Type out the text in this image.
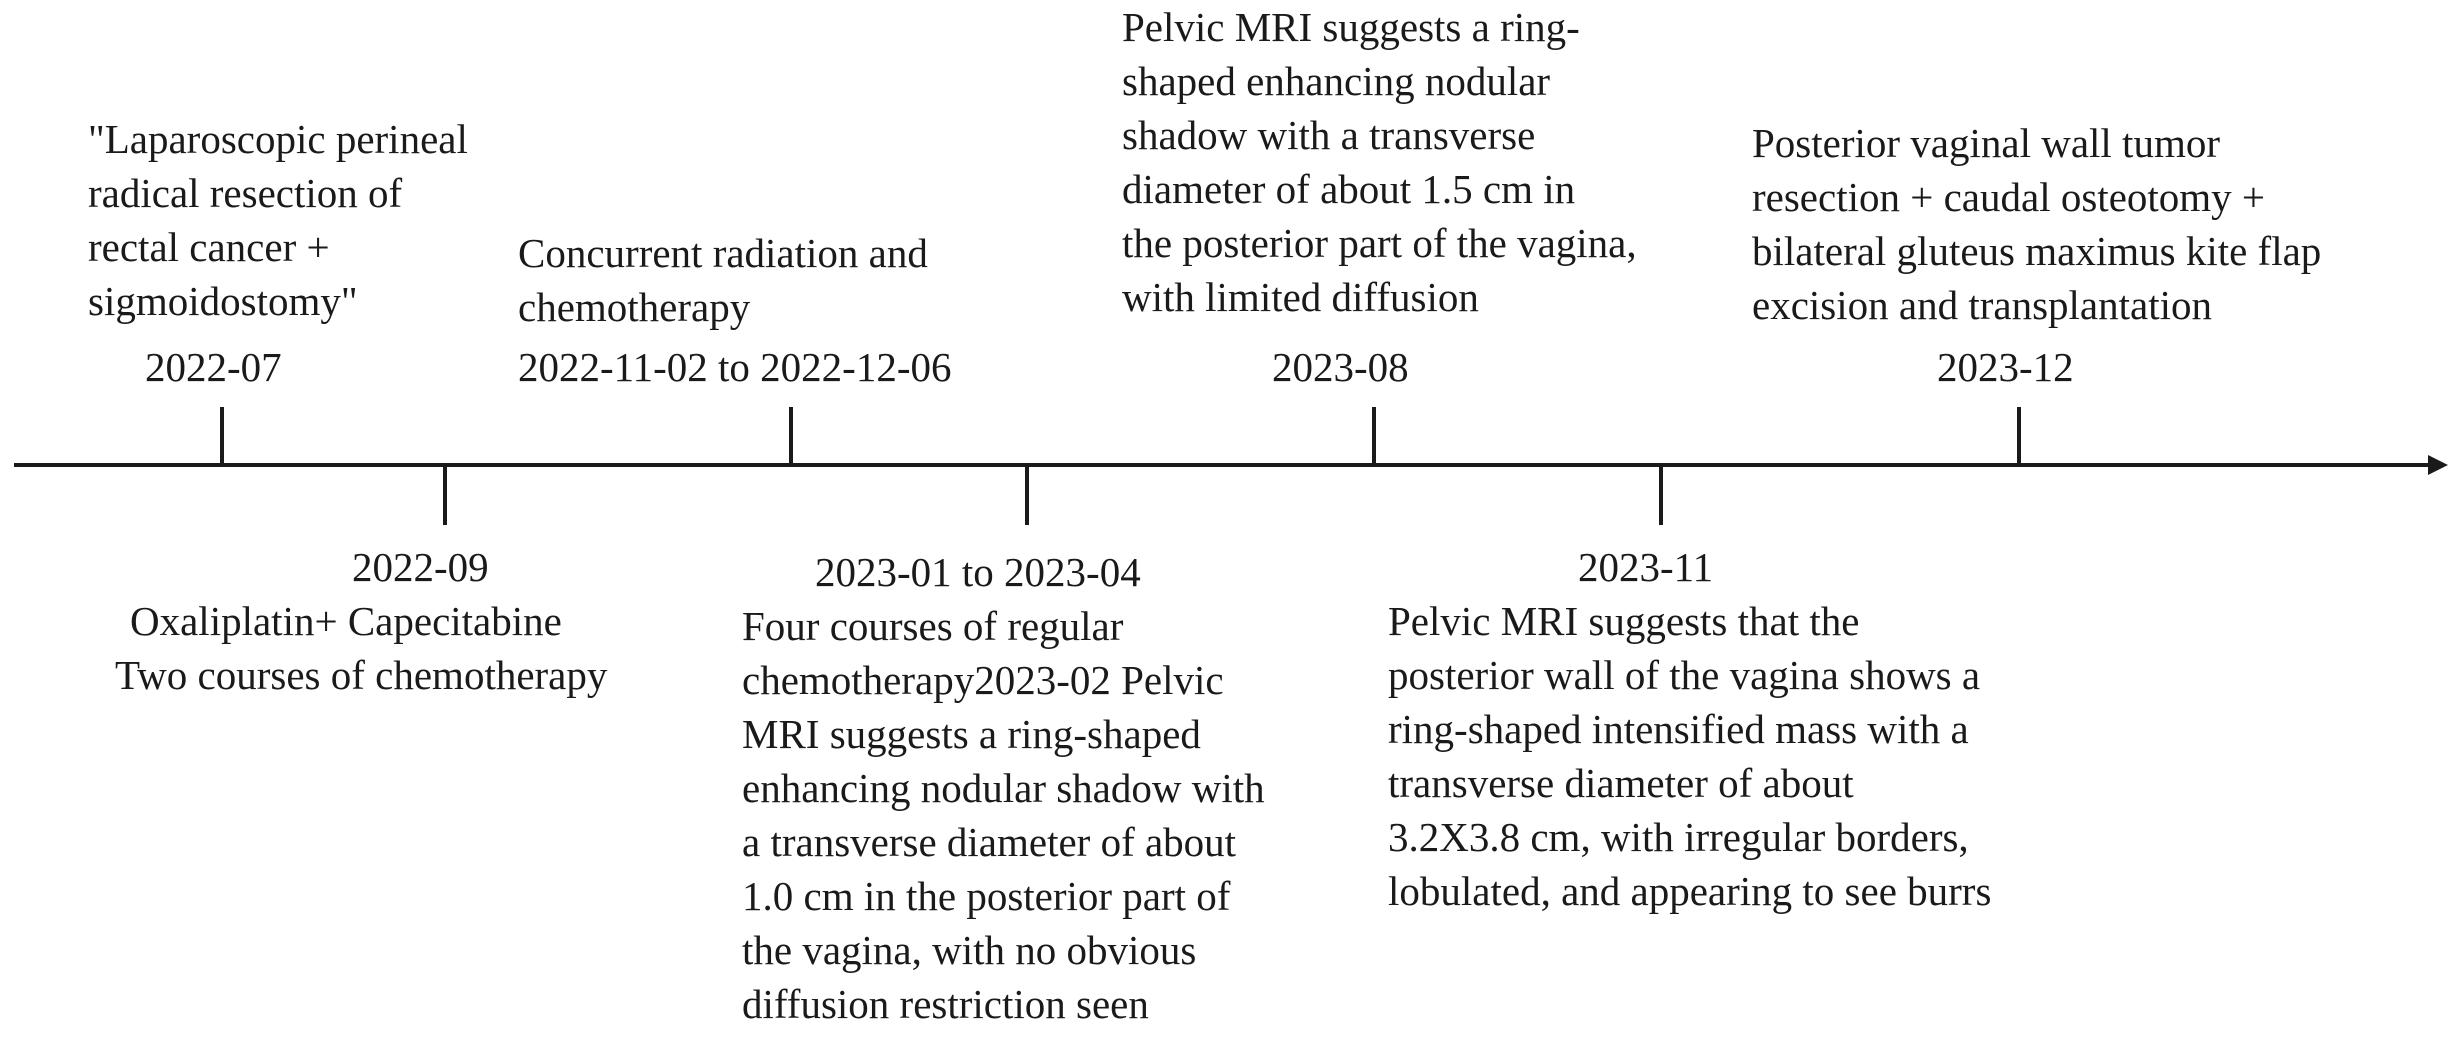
"Laparoscopic perineal
radical resection of
rectal cancer +
sigmoidostomy"
2022-07
2022-09
Oxaliplatin+ Capecitabine
Two courses of chemotherapy
Concurrent radiation and
chemotherapy
2022-11-02 to 2022-12-06
2023-01 to 2023-04
Four courses of regular
chemotherapy2023-02 Pelvic
MRI suggests a ring-shaped
enhancing nodular shadow with
a transverse diameter of about
1.0 cm in the posterior part of
the vagina, with no obvious
diffusion restriction seen
Pelvic MRI suggests a ring-
shaped enhancing nodular
shadow with a transverse
diameter of about 1.5 cm in
the posterior part of the vagina,
with limited diffusion
2023-08
2023-11
Pelvic MRI suggests that the
posterior wall of the vagina shows a
ring-shaped intensified mass with a
transverse diameter of about
3.2X3.8 cm, with irregular borders,
lobulated, and appearing to see burrs
Posterior vaginal wall tumor
resection + caudal osteotomy +
bilateral gluteus maximus kite flap
excision and transplantation
2023-12
